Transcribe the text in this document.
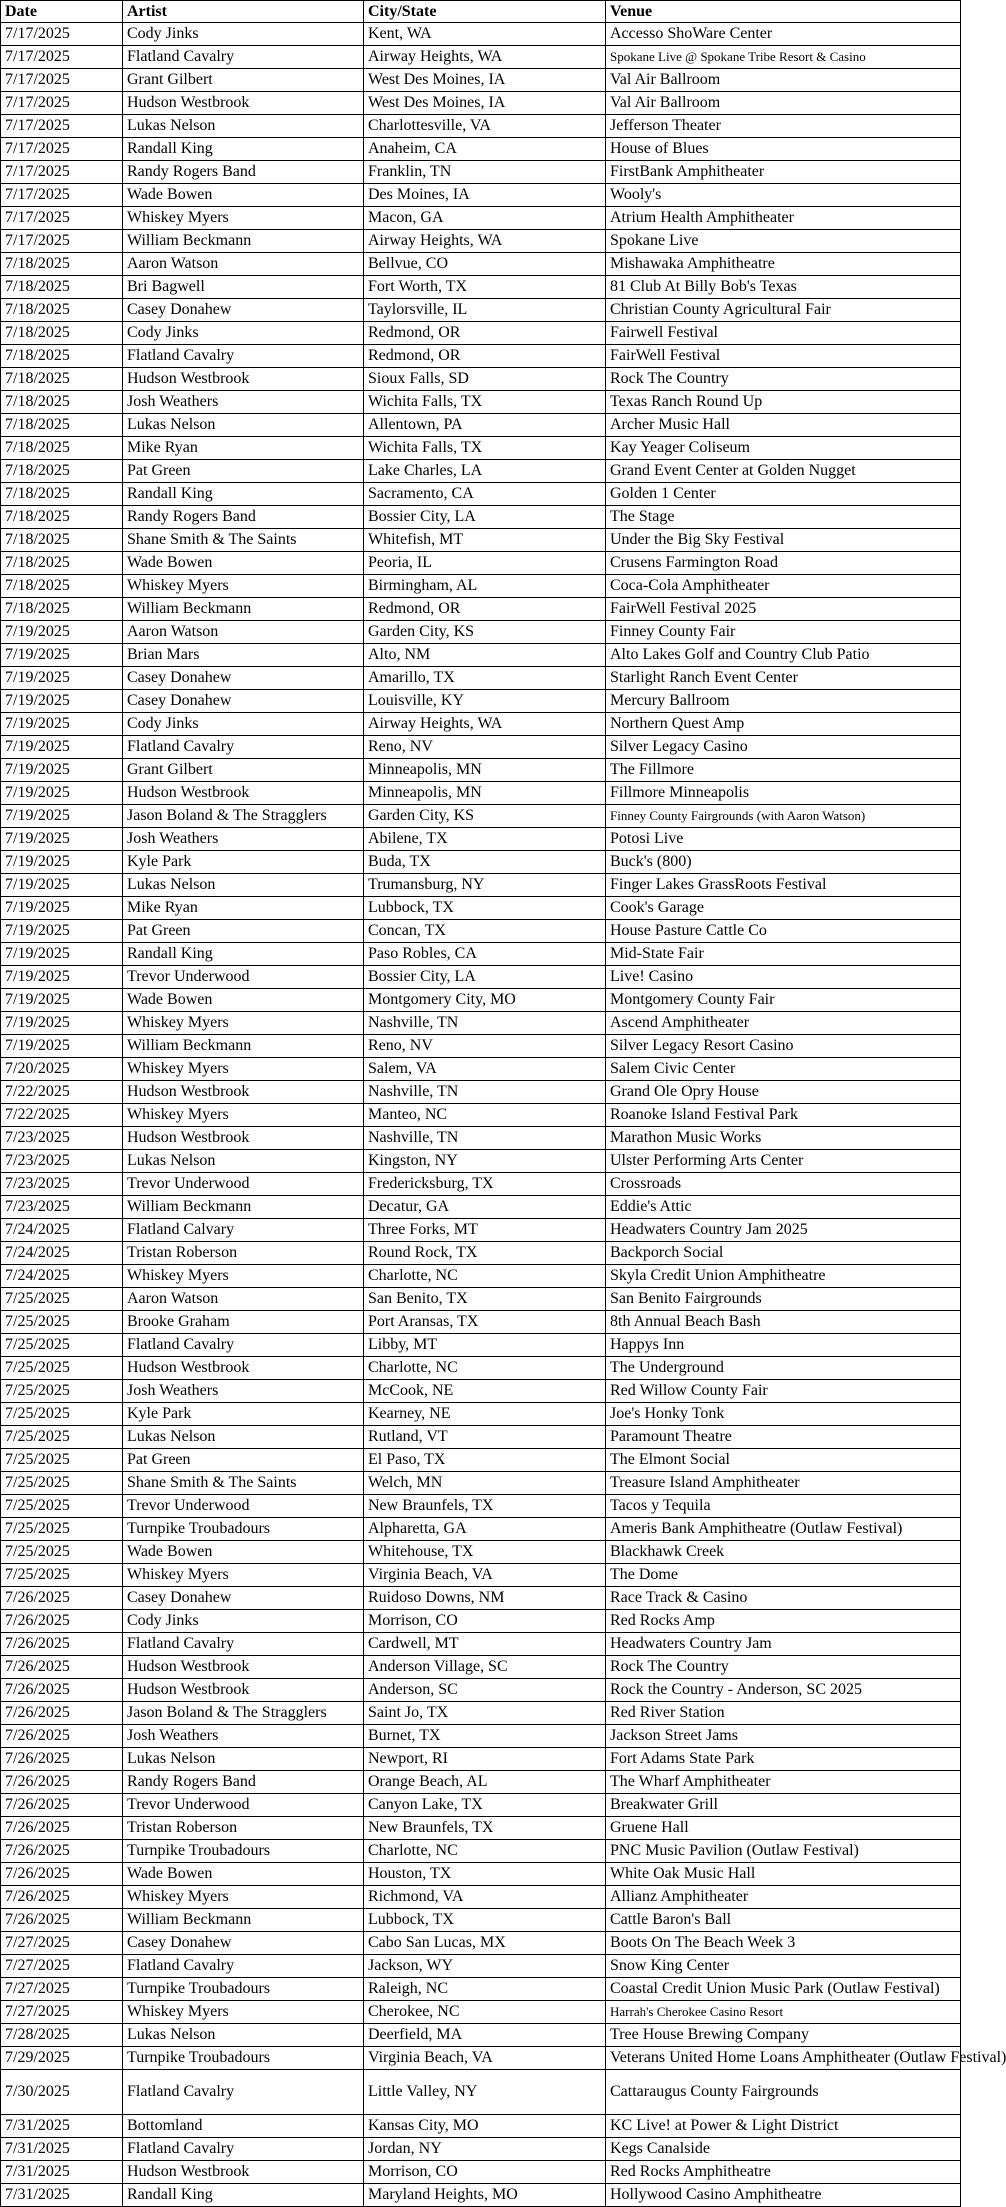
Date	Artist	City/State	Venue
7/17/2025	Cody Jinks	Kent, WA	Accesso ShoWare Center
7/17/2025	Flatland Cavalry	Airway Heights, WA	Spokane Live @ Spokane Tribe Resort & Casino
7/17/2025	Grant Gilbert	West Des Moines, IA	Val Air Ballroom
7/17/2025	Hudson Westbrook	West Des Moines, IA	Val Air Ballroom
7/17/2025	Lukas Nelson	Charlottesville, VA	Jefferson Theater
7/17/2025	Randall King	Anaheim, CA	House of Blues
7/17/2025	Randy Rogers Band	Franklin, TN	FirstBank Amphitheater
7/17/2025	Wade Bowen	Des Moines, IA	Wooly's
7/17/2025	Whiskey Myers	Macon, GA	Atrium Health Amphitheater
7/17/2025	William Beckmann	Airway Heights, WA	Spokane Live
7/18/2025	Aaron Watson	Bellvue, CO	Mishawaka Amphitheatre
7/18/2025	Bri Bagwell	Fort Worth, TX	81 Club At Billy Bob's Texas
7/18/2025	Casey Donahew	Taylorsville, IL	Christian County Agricultural Fair
7/18/2025	Cody Jinks	Redmond, OR	Fairwell Festival
7/18/2025	Flatland Cavalry	Redmond, OR	FairWell Festival
7/18/2025	Hudson Westbrook	Sioux Falls, SD	Rock The Country
7/18/2025	Josh Weathers	Wichita Falls, TX	Texas Ranch Round Up
7/18/2025	Lukas Nelson	Allentown, PA	Archer Music Hall
7/18/2025	Mike Ryan	Wichita Falls, TX	Kay Yeager Coliseum
7/18/2025	Pat Green	Lake Charles, LA	Grand Event Center at Golden Nugget
7/18/2025	Randall King	Sacramento, CA	Golden 1 Center
7/18/2025	Randy Rogers Band	Bossier City, LA	The Stage
7/18/2025	Shane Smith & The Saints	Whitefish, MT	Under the Big Sky Festival
7/18/2025	Wade Bowen	Peoria, IL	Crusens Farmington Road
7/18/2025	Whiskey Myers	Birmingham, AL	Coca-Cola Amphitheater
7/18/2025	William Beckmann	Redmond, OR	FairWell Festival 2025
7/19/2025	Aaron Watson	Garden City, KS	Finney County Fair
7/19/2025	Brian Mars	Alto, NM	Alto Lakes Golf and Country Club Patio
7/19/2025	Casey Donahew	Amarillo, TX	Starlight Ranch Event Center
7/19/2025	Casey Donahew	Louisville, KY	Mercury Ballroom
7/19/2025	Cody Jinks	Airway Heights, WA	Northern Quest Amp
7/19/2025	Flatland Cavalry	Reno, NV	Silver Legacy Casino
7/19/2025	Grant Gilbert	Minneapolis, MN	The Fillmore
7/19/2025	Hudson Westbrook	Minneapolis, MN	Fillmore Minneapolis
7/19/2025	Jason Boland & The Stragglers	Garden City, KS	Finney County Fairgrounds (with Aaron Watson)
7/19/2025	Josh Weathers	Abilene, TX	Potosi Live
7/19/2025	Kyle Park	Buda, TX	Buck's (800)
7/19/2025	Lukas Nelson	Trumansburg, NY	Finger Lakes GrassRoots Festival
7/19/2025	Mike Ryan	Lubbock, TX	Cook's Garage
7/19/2025	Pat Green	Concan, TX	House Pasture Cattle Co
7/19/2025	Randall King	Paso Robles, CA	Mid-State Fair
7/19/2025	Trevor Underwood	Bossier City, LA	Live! Casino
7/19/2025	Wade Bowen	Montgomery City, MO	Montgomery County Fair
7/19/2025	Whiskey Myers	Nashville, TN	Ascend Amphitheater
7/19/2025	William Beckmann	Reno, NV	Silver Legacy Resort Casino
7/20/2025	Whiskey Myers	Salem, VA	Salem Civic Center
7/22/2025	Hudson Westbrook	Nashville, TN	Grand Ole Opry House
7/22/2025	Whiskey Myers	Manteo, NC	Roanoke Island Festival Park
7/23/2025	Hudson Westbrook	Nashville, TN	Marathon Music Works
7/23/2025	Lukas Nelson	Kingston, NY	Ulster Performing Arts Center
7/23/2025	Trevor Underwood	Fredericksburg, TX	Crossroads
7/23/2025	William Beckmann	Decatur, GA	Eddie's Attic
7/24/2025	Flatland Calvary	Three Forks, MT	Headwaters Country Jam 2025
7/24/2025	Tristan Roberson	Round Rock, TX	Backporch Social
7/24/2025	Whiskey Myers	Charlotte, NC	Skyla Credit Union Amphitheatre
7/25/2025	Aaron Watson	San Benito, TX	San Benito Fairgrounds
7/25/2025	Brooke Graham	Port Aransas, TX	8th Annual Beach Bash
7/25/2025	Flatland Cavalry	Libby, MT	Happys Inn
7/25/2025	Hudson Westbrook	Charlotte, NC	The Underground
7/25/2025	Josh Weathers	McCook, NE	Red Willow County Fair
7/25/2025	Kyle Park	Kearney, NE	Joe's Honky Tonk
7/25/2025	Lukas Nelson	Rutland, VT	Paramount Theatre
7/25/2025	Pat Green	El Paso, TX	The Elmont Social
7/25/2025	Shane Smith & The Saints	Welch, MN	Treasure Island Amphitheater
7/25/2025	Trevor Underwood	New Braunfels, TX	Tacos y Tequila
7/25/2025	Turnpike Troubadours	Alpharetta, GA	Ameris Bank Amphitheatre (Outlaw Festival)
7/25/2025	Wade Bowen	Whitehouse, TX	Blackhawk Creek
7/25/2025	Whiskey Myers	Virginia Beach, VA	The Dome
7/26/2025	Casey Donahew	Ruidoso Downs, NM	Race Track & Casino
7/26/2025	Cody Jinks	Morrison, CO	Red Rocks Amp
7/26/2025	Flatland Cavalry	Cardwell, MT	Headwaters Country Jam
7/26/2025	Hudson Westbrook	Anderson Village, SC	Rock The Country
7/26/2025	Hudson Westbrook	Anderson, SC	Rock the Country - Anderson, SC 2025
7/26/2025	Jason Boland & The Stragglers	Saint Jo, TX	Red River Station
7/26/2025	Josh Weathers	Burnet, TX	Jackson Street Jams
7/26/2025	Lukas Nelson	Newport, RI	Fort Adams State Park
7/26/2025	Randy Rogers Band	Orange Beach, AL	The Wharf Amphitheater
7/26/2025	Trevor Underwood	Canyon Lake, TX	Breakwater Grill
7/26/2025	Tristan Roberson	New Braunfels, TX	Gruene Hall
7/26/2025	Turnpike Troubadours	Charlotte, NC	PNC Music Pavilion (Outlaw Festival)
7/26/2025	Wade Bowen	Houston, TX	White Oak Music Hall
7/26/2025	Whiskey Myers	Richmond, VA	Allianz Amphitheater
7/26/2025	William Beckmann	Lubbock, TX	Cattle Baron's Ball
7/27/2025	Casey Donahew	Cabo San Lucas, MX	Boots On The Beach Week 3
7/27/2025	Flatland Cavalry	Jackson, WY	Snow King Center
7/27/2025	Turnpike Troubadours	Raleigh, NC	Coastal Credit Union Music Park (Outlaw Festival)
7/27/2025	Whiskey Myers	Cherokee, NC	Harrah's Cherokee Casino Resort
7/28/2025	Lukas Nelson	Deerfield, MA	Tree House Brewing Company
7/29/2025	Turnpike Troubadours	Virginia Beach, VA	Veterans United Home Loans Amphitheater (Outlaw Festival)
7/30/2025	Flatland Cavalry	Little Valley, NY	Cattaraugus County Fairgrounds
7/31/2025	Bottomland	Kansas City, MO	KC Live! at Power & Light District
7/31/2025	Flatland Cavalry	Jordan, NY	Kegs Canalside
7/31/2025	Hudson Westbrook	Morrison, CO	Red Rocks Amphitheatre
7/31/2025	Randall King	Maryland Heights, MO	Hollywood Casino Amphitheatre
